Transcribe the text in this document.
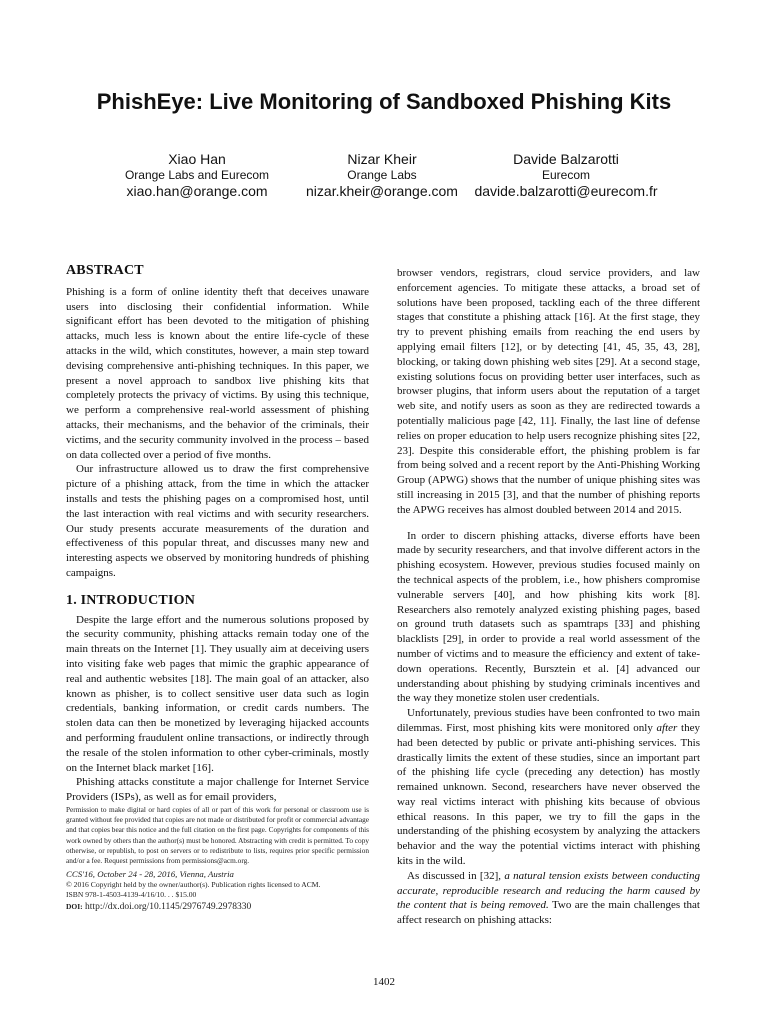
PhishEye: Live Monitoring of Sandboxed Phishing Kits
Xiao Han
Orange Labs and Eurecom
xiao.han@orange.com
Nizar Kheir
Orange Labs
nizar.kheir@orange.com
Davide Balzarotti
Eurecom
davide.balzarotti@eurecom.fr
ABSTRACT

Phishing is a form of online identity theft that deceives unaware users into disclosing their confidential information. While significant effort has been devoted to the mitigation of phishing attacks, much less is known about the entire life-cycle of these attacks in the wild, which constitutes, however, a main step toward devising comprehensive anti-phishing techniques. In this paper, we present a novel approach to sandbox live phishing kits that completely protects the privacy of victims. By using this technique, we perform a comprehensive real-world assessment of phishing attacks, their mechanisms, and the behavior of the criminals, their victims, and the security community involved in the process – based on data collected over a period of five months.

Our infrastructure allowed us to draw the first comprehensive picture of a phishing attack, from the time in which the attacker installs and tests the phishing pages on a compromised host, until the last interaction with real victims and with security researchers. Our study presents accurate measurements of the duration and effectiveness of this popular threat, and discusses many new and interesting aspects we observed by monitoring hundreds of phishing campaigns.

1. INTRODUCTION

Despite the large effort and the numerous solutions proposed by the security community, phishing attacks remain today one of the main threats on the Internet [1]. They usually aim at deceiving users into visiting fake web pages that mimic the graphic appearance of real and authentic websites [18]. The main goal of an attacker, also known as phisher, is to collect sensitive user data such as login credentials, banking information, or credit cards numbers. The stolen data can then be monetized by leveraging hijacked accounts and performing fraudulent online transactions, or indirectly through the resale of the stolen information to other cyber-criminals, mostly on the Internet black market [16].

Phishing attacks constitute a major challenge for Internet Service Providers (ISPs), as well as for email providers,

Permission to make digital or hard copies of all or part of this work for personal or classroom use is granted without fee provided that copies are not made or distributed for profit or commercial advantage and that copies bear this notice and the full citation on the first page. Copyrights for components of this work owned by others than the author(s) must be honored. Abstracting with credit is permitted. To copy otherwise, or republish, to post on servers or to redistribute to lists, requires prior specific permission and/or a fee. Request permissions from permissions@acm.org.

CCS'16, October 24 - 28, 2016, Vienna, Austria

© 2016 Copyright held by the owner/author(s). Publication rights licensed to ACM.

ISBN 978-1-4503-4139-4/16/10. . . $15.00

DOI: http://dx.doi.org/10.1145/2976749.2978330

browser vendors, registrars, cloud service providers, and law enforcement agencies. To mitigate these attacks, a broad set of solutions have been proposed, tackling each of the three different stages that constitute a phishing attack [16]. At the first stage, they try to prevent phishing emails from reaching the end users by applying email filters [12], or by detecting [41, 45, 35, 43, 28], blocking, or taking down phishing web sites [29]. At a second stage, existing solutions focus on providing better user interfaces, such as browser plugins, that inform users about the reputation of a target web site, and notify users as soon as they are redirected towards a potentially malicious page [42, 11]. Finally, the last line of defense relies on proper education to help users recognize phishing sites [22, 23]. Despite this considerable effort, the phishing problem is far from being solved and a recent report by the Anti-Phishing Working Group (APWG) shows that the number of unique phishing sites was still increasing in 2015 [3], and that the number of phishing reports the APWG receives has almost doubled between 2014 and 2015.

In order to discern phishing attacks, diverse efforts have been made by security researchers, and that involve different actors in the phishing ecosystem. However, previous studies focused mainly on the technical aspects of the problem, i.e., how phishers compromise vulnerable servers [40], and how phishing kits work [8]. Researchers also remotely analyzed existing phishing pages, based on ground truth datasets such as spamtraps [33] and phishing blacklists [29], in order to provide a real world assessment of the number of victims and to measure the efficiency and extent of take-down operations. Recently, Bursztein et al. [4] advanced our understanding about phishing by studying criminals incentives and the way they monetize stolen user credentials.

Unfortunately, previous studies have been confronted to two main dilemmas. First, most phishing kits were monitored only after they had been detected by public or private anti-phishing services. This drastically limits the extent of these studies, since an important part of the phishing life cycle (preceding any detection) has mostly remained unknown. Second, researchers have never observed the way real victims interact with phishing kits because of obvious ethical reasons. In this paper, we try to fill the gaps in the understanding of the phishing ecosystem by analyzing the attackers behavior and the way the potential victims interact with phishing kits in the wild.

As discussed in [32], a natural tension exists between conducting accurate, reproducible research and reducing the harm caused by the content that is being removed. Two are the main challenges that affect research on phishing attacks:

1402
